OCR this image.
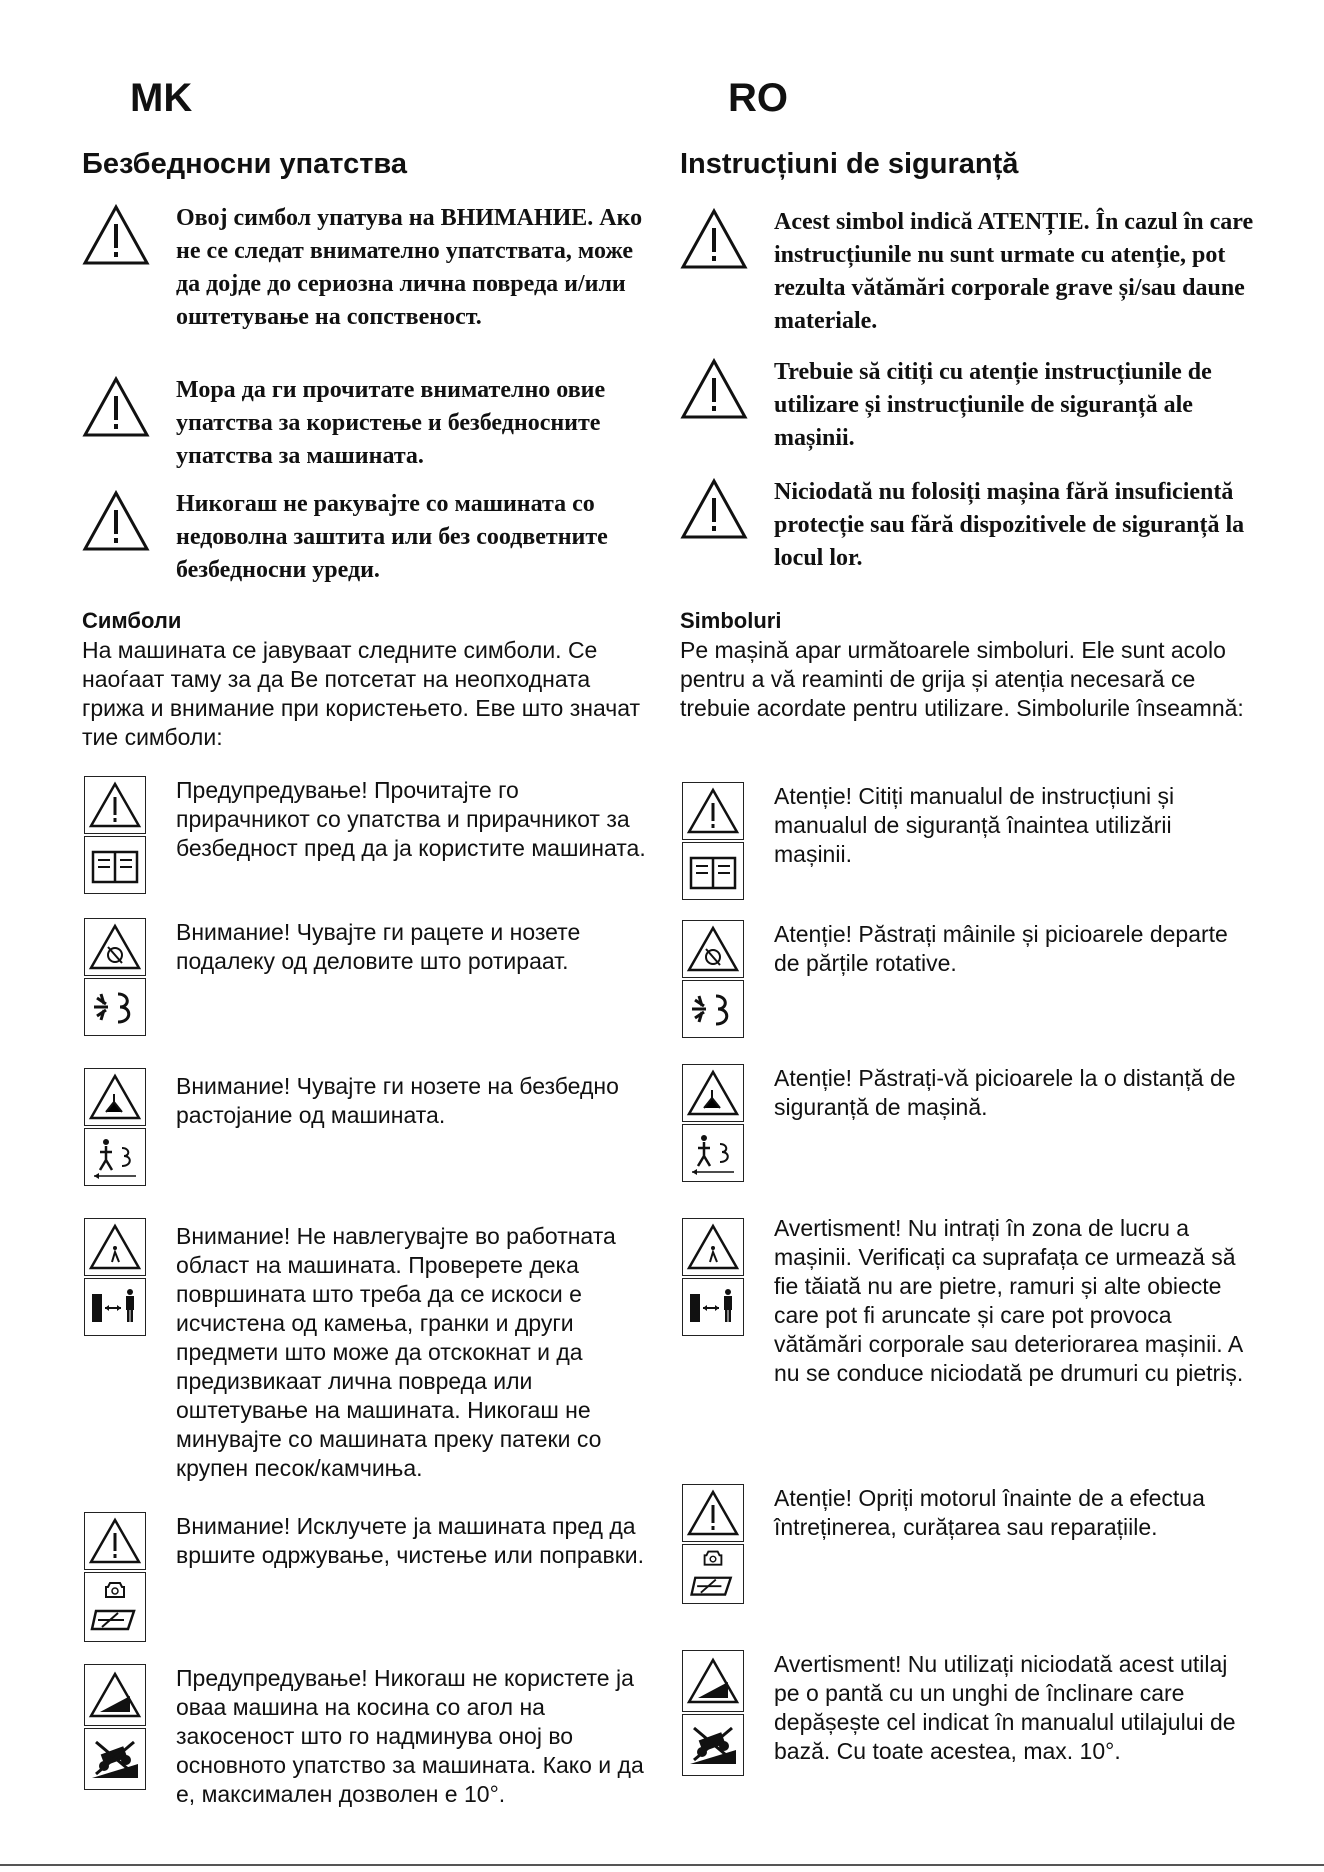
MK
Безбедносни упатства
Овој симбол упатува на ВНИМАНИЕ. Ако не се следат внимателно упатствата, може да дојде до сериозна лична повреда и/или оштетување на сопственост.
Мора да ги прочитате внимателно овие упатства за користење и безбедносните упатства за машината.
Никогаш не ракувајте со машината со недоволна заштита или без соодветните безбедносни уреди.
Симболи
На машината се јавуваат следните симболи. Се наоѓаат таму за да Ве потсетат на неопходната грижа и внимание при користењето. Еве што значат тие симболи:
Предупредување! Прочитајте го прирачникот со упатства и прирачникот за безбедност пред да ја користите машината.
Внимание! Чувајте ги рацете и нозете подалеку од деловите што ротираат.
Внимание! Чувајте ги нозете на безбедно растојание од машината.
Внимание! Не навлегувајте во работната област на машината. Проверете дека површината што треба да се искоси е исчистена од камења, гранки и други предмети што може да отскокнат и да предизвикаат лична повреда или оштетување на машината. Никогаш не минувајте со машината преку патеки со крупен песок/камчиња.
Внимание! Исклучете ја машината пред да вршите одржување, чистење или поправки.
Предупредување! Никогаш не користете ја оваа машина на косина со агол на закосеност што го надминува оној во основното упатство за машината. Како и да е, максимален дозволен е 10°.
RO
Instrucțiuni de siguranță
Acest simbol indică ATENȚIE. În cazul în care instrucțiunile nu sunt urmate cu atenție, pot rezulta vătămări corporale grave și/sau daune materiale.
Trebuie să citiți cu atenție instrucțiunile de utilizare și instrucțiunile de siguranță ale mașinii.
Niciodată nu folosiți mașina fără insuficientă protecție sau fără dispozitivele de siguranță la locul lor.
Simboluri
Pe mașină apar următoarele simboluri. Ele sunt acolo pentru a vă reaminti de grija și atenția necesară ce trebuie acordate pentru utilizare. Simbolurile înseamnă:
Atenție! Citiți manualul de instrucțiuni și manualul de siguranță înaintea utilizării mașinii.
Atenție! Păstrați mâinile și picioarele departe de părțile rotative.
Atenție! Păstrați-vă picioarele la o distanță de siguranță de mașină.
Avertisment! Nu intrați în zona de lucru a mașinii. Verificați ca suprafața ce urmează să fie tăiată nu are pietre, ramuri și alte obiecte care pot fi aruncate și care pot provoca vătămări corporale sau deteriorarea mașinii. A nu se conduce niciodată pe drumuri cu pietriș.
Atenție! Opriți motorul înainte de a efectua întreținerea, curățarea sau reparațiile.
Avertisment! Nu utilizați niciodată acest utilaj pe o pantă cu un unghi de înclinare care depășește cel indicat în manualul utilajului de bază. Cu toate acestea, max. 10°.
